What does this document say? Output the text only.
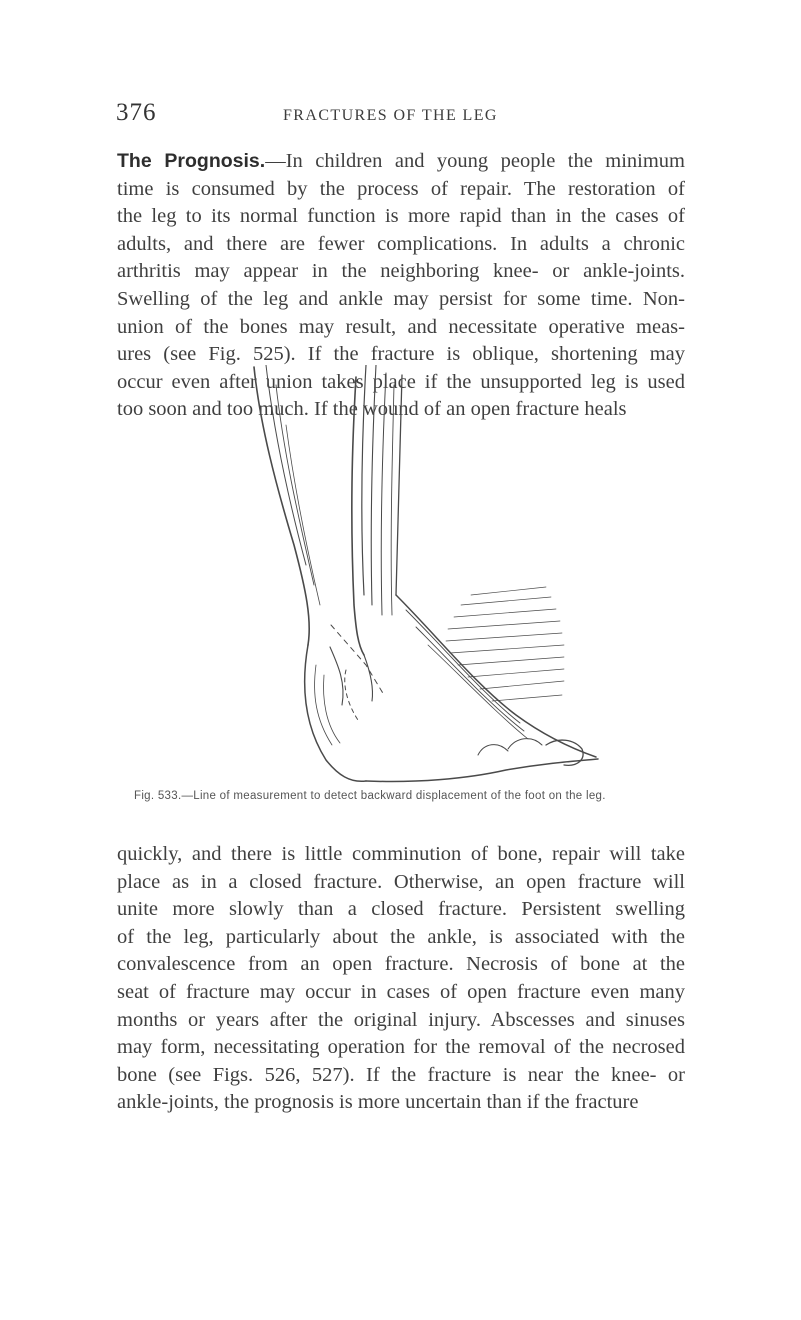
376	FRACTURES OF THE LEG

The Prognosis.—In children and young people the minimum
time is consumed by the process of repair. The restoration of
the leg to its normal function is more rapid than in the cases of
adults, and there are fewer complications. In adults a chronic
arthritis may appear in the neighboring knee- or ankle-joints.
Swelling of the leg and ankle may persist for some time. Non-
union of the bones may result, and necessitate operative meas-
ures (see Fig. 525). If the fracture is oblique, shortening may
occur even after union takes place if the unsupported leg is used
too soon and too much. If the wound of an open fracture heals

Fig. 533.—Line of measurement to detect backward displacement of the foot on the leg.

quickly, and there is little comminution of bone, repair will take
place as in a closed fracture. Otherwise, an open fracture will
unite more slowly than a closed fracture. Persistent swelling
of the leg, particularly about the ankle, is associated with the
convalescence from an open fracture. Necrosis of bone at the
seat of fracture may occur in cases of open fracture even many
months or years after the original injury. Abscesses and sinuses
may form, necessitating operation for the removal of the necrosed
bone (see Figs. 526, 527). If the fracture is near the knee- or
ankle-joints, the prognosis is more uncertain than if the fracture
